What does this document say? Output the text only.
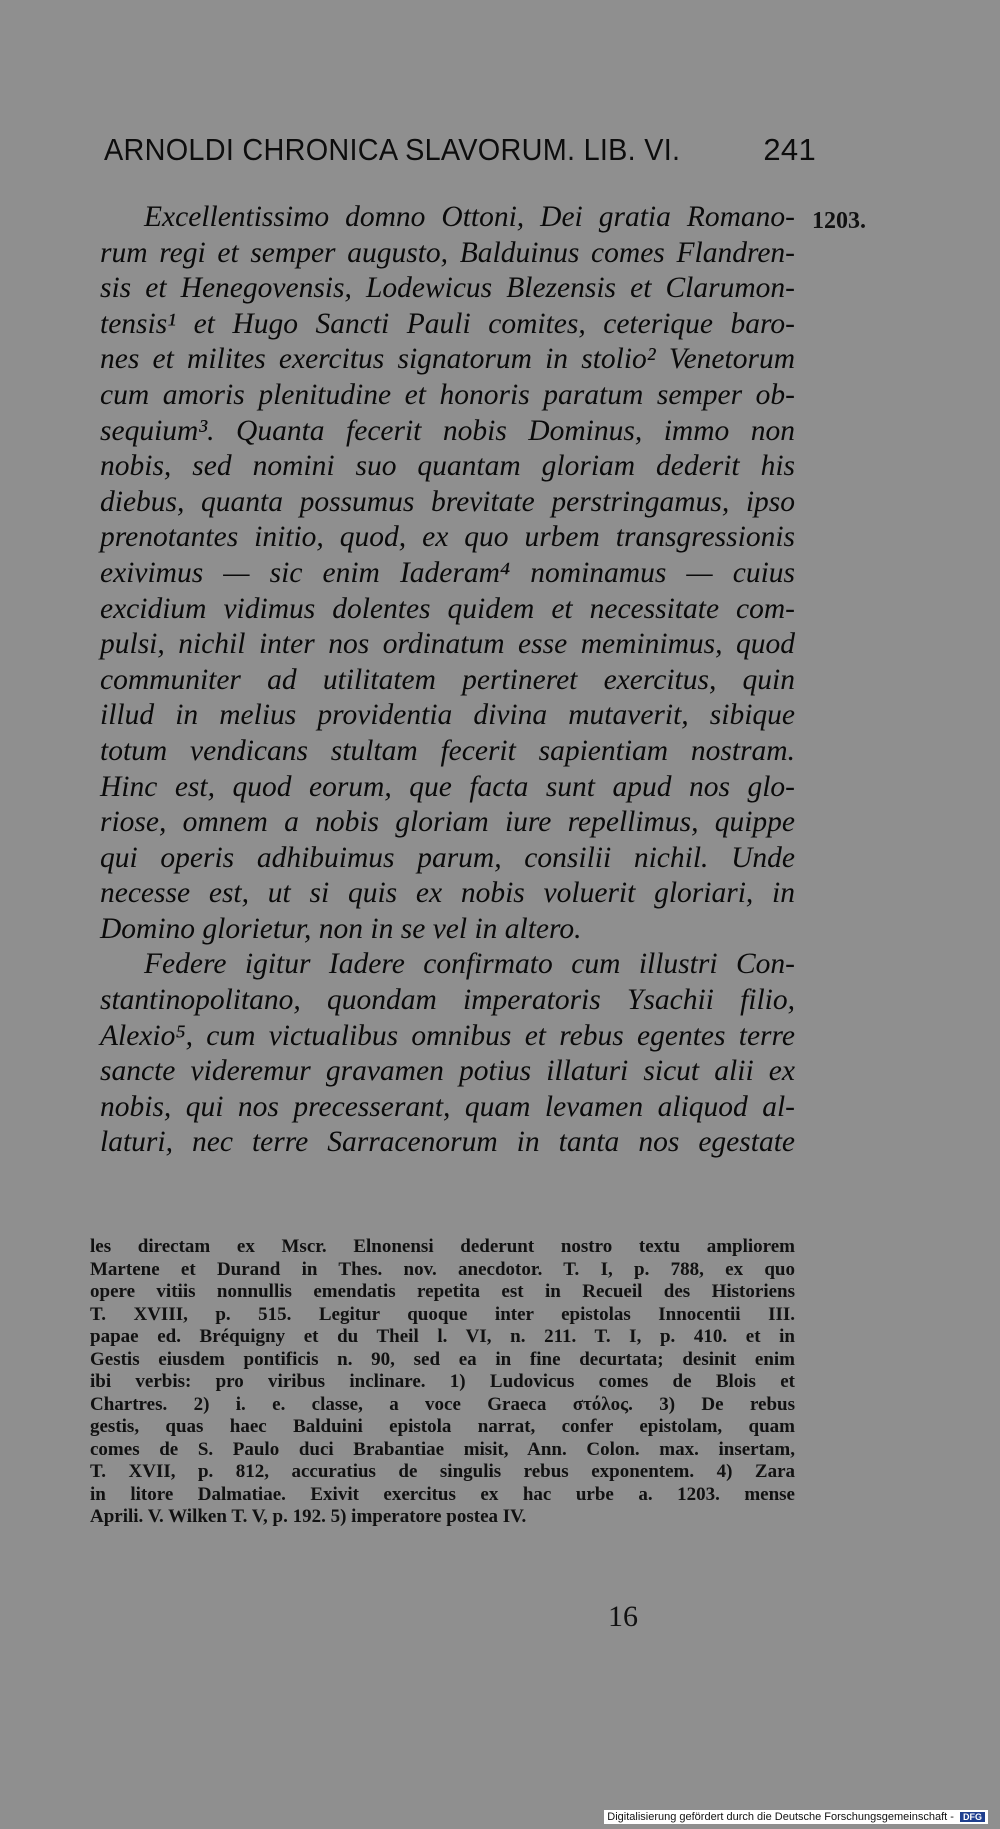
ARNOLDI CHRONICA SLAVORUM. LIB. VI.	241
1203.
Excellentissimo domno Ottoni, Dei gratia Romano-
rum regi et semper augusto, Balduinus comes Flandren-
sis et Henegovensis, Lodewicus Blezensis et Clarumon-
tensis¹ et Hugo Sancti Pauli comites, ceterique baro-
nes et milites exercitus signatorum in stolio² Venetorum
cum amoris plenitudine et honoris paratum semper ob-
sequium³. Quanta fecerit nobis Dominus, immo non
nobis, sed nomini suo quantam gloriam dederit his
diebus, quanta possumus brevitate perstringamus, ipso
prenotantes initio, quod, ex quo urbem transgressionis
exivimus — sic enim Iaderam⁴ nominamus — cuius
excidium vidimus dolentes quidem et necessitate com-
pulsi, nichil inter nos ordinatum esse meminimus, quod
communiter ad utilitatem pertineret exercitus, quin
illud in melius providentia divina mutaverit, sibique
totum vendicans stultam fecerit sapientiam nostram.
Hinc est, quod eorum, que facta sunt apud nos glo-
riose, omnem a nobis gloriam iure repellimus, quippe
qui operis adhibuimus parum, consilii nichil. Unde
necesse est, ut si quis ex nobis voluerit gloriari, in
Domino glorietur, non in se vel in altero.
Federe igitur Iadere confirmato cum illustri Con-
stantinopolitano, quondam imperatoris Ysachii filio,
Alexio⁵, cum victualibus omnibus et rebus egentes terre
sancte videremur gravamen potius illaturi sicut alii ex
nobis, qui nos precesserant, quam levamen aliquod al-
laturi, nec terre Sarracenorum in tanta nos egestate
les directam ex Mscr. Elnonensi dederunt nostro textu ampliorem
Martene et Durand in Thes. nov. anecdotor. T. I, p. 788, ex quo
opere vitiis nonnullis emendatis repetita est in Recueil des Historiens
T. XVIII, p. 515. Legitur quoque inter epistolas Innocentii III.
papae ed. Bréquigny et du Theil l. VI, n. 211. T. I, p. 410. et in
Gestis eiusdem pontificis n. 90, sed ea in fine decurtata; desinit enim
ibi verbis: pro viribus inclinare. 1) Ludovicus comes de Blois et
Chartres. 2) i. e. classe, a voce Graeca στόλος. 3) De rebus
gestis, quas haec Balduini epistola narrat, confer epistolam, quam
comes de S. Paulo duci Brabantiae misit, Ann. Colon. max. insertam,
T. XVII, p. 812, accuratius de singulis rebus exponentem. 4) Zara
in litore Dalmatiae. Exivit exercitus ex hac urbe a. 1203. mense
Aprili. V. Wilken T. V, p. 192. 5) imperatore postea IV.
16
Digitalisierung gefördert durch die Deutsche Forschungsgemeinschaft - DFG
